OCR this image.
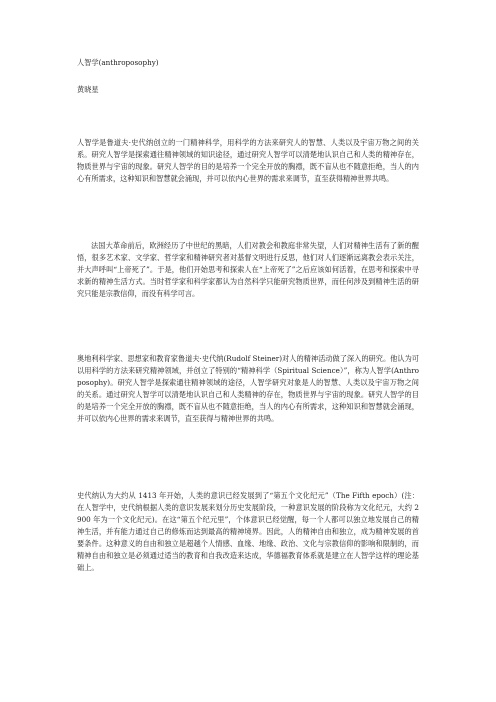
人智学(anthroposophy)
黄晓星

人智学是鲁道夫·史代纳创立的一门精神科学，用科学的方法来研究人的智慧、人类以及宇宙万物之间的关系。研究人智学是探索通往精神领域的知识途径，通过研究人智学可以清楚地认识自己和人类的精神存在，物质世界与宇宙的现象。研究人智学的目的是培养一个完全开放的胸襟，既不盲从也不随意拒绝，当人的内心有所需求，这种知识和智慧就会涌现，并可以依内心世界的需求来调节，直至获得精神世界共鸣。

法国大革命前后，欧洲经历了中世纪的黑暗，人们对教会和教庭非常失望，人们对精神生活有了新的醒悟，很多艺术家、文学家、哲学家和精神研究者对基督文明进行反思，他们对人们逐渐远离教会表示关注，并大声呼叫“上帝死了”。于是，他们开始思考和探索人在“上帝死了”之后应该如何活着，在思考和探索中寻求新的精神生活方式。当时哲学家和科学家都认为自然科学只能研究物质世界，而任何涉及到精神生活的研究只能是宗教信仰，而没有科学可言。

奥地利科学家、思想家和教育家鲁道夫·史代纳(Rudolf Steiner)对人的精神活动做了深入的研究。他认为可以用科学的方法来研究精神领域，并创立了特别的“精神科学（Spiritual Science）”，称为人智学(Anthroposophy)。研究人智学是探索通往精神领域的途径，人智学研究对象是人的智慧、人类以及宇宙万物之间的关系。通过研究人智学可以清楚地认识自己和人类精神的存在，物质世界与宇宙的现象。研究人智学的目的是培养一个完全开放的胸襟，既不盲从也不随意拒绝，当人的内心有所需求，这种知识和智慧就会涌现，并可以依内心世界的需求来调节，直至获得与精神世界的共鸣。

史代纳认为大约从 1413 年开始，人类的意识已经发展到了“第五个文化纪元”（The Fifth epoch）(注：在人智学中，史代纳根据人类的意识发展来划分历史发展阶段，一种意识发展的阶段称为文化纪元，大约 2900 年为一个文化纪元)。在这“第五个纪元里”，个体意识已经觉醒，每一个人都可以独立地发展自己的精神生活，并有能力通过自己的修炼而达到最高的精神境界。因此，人的精神自由和独立，成为精神发展的首要条件。这种意义的自由和独立是超越个人情感、血缘、地缘、政治、文化与宗教信仰的影响和限制的，而精神自由和独立是必须通过适当的教育和自我改造来达成，华德福教育体系就是建立在人智学这样的理论基础上。
